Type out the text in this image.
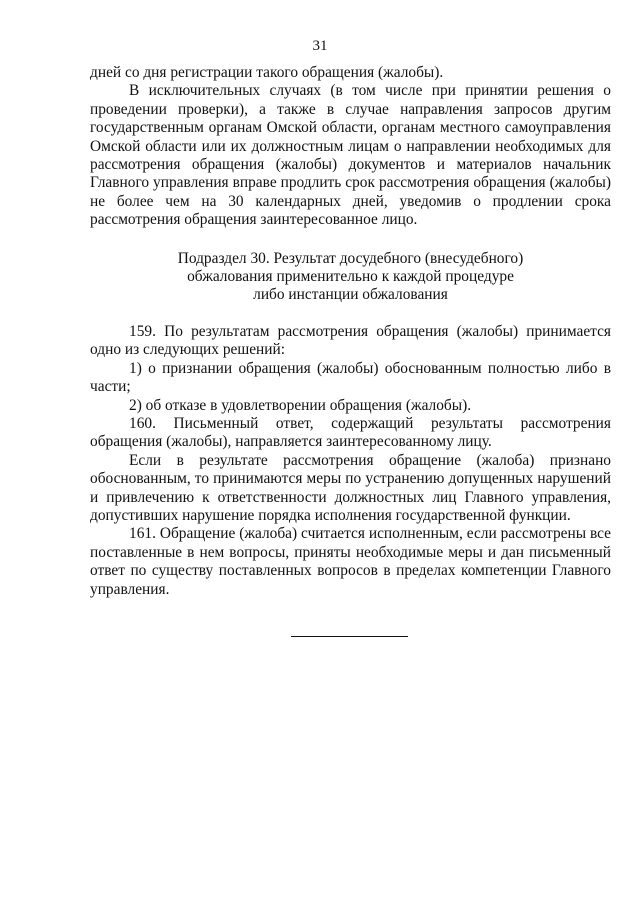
31

дней со дня регистрации такого обращения (жалобы).

В исключительных случаях (в том числе при принятии решения о проведении проверки), а также в случае направления запросов другим государственным органам Омской области, органам местного самоуправления Омской области или их должностным лицам о направлении необходимых для рассмотрения обращения (жалобы) документов и материалов начальник Главного управления вправе продлить срок рассмотрения обращения (жалобы) не более чем на 30 календарных дней, уведомив о продлении срока рассмотрения обращения заинтересованное лицо.

Подраздел 30. Результат досудебного (внесудебного)
обжалования применительно к каждой процедуре
либо инстанции обжалования

159. По результатам рассмотрения обращения (жалобы) принимается одно из следующих решений:

1) о признании обращения (жалобы) обоснованным полностью либо в части;

2) об отказе в удовлетворении обращения (жалобы).

160. Письменный ответ, содержащий результаты рассмотрения обращения (жалобы), направляется заинтересованному лицу.

Если в результате рассмотрения обращение (жалоба) признано обоснованным, то принимаются меры по устранению допущенных нарушений и привлечению к ответственности должностных лиц Главного управления, допустивших нарушение порядка исполнения государственной функции.

161. Обращение (жалоба) считается исполненным, если рассмотрены все поставленные в нем вопросы, приняты необходимые меры и дан письменный ответ по существу поставленных вопросов в пределах компетенции Главного управления.
